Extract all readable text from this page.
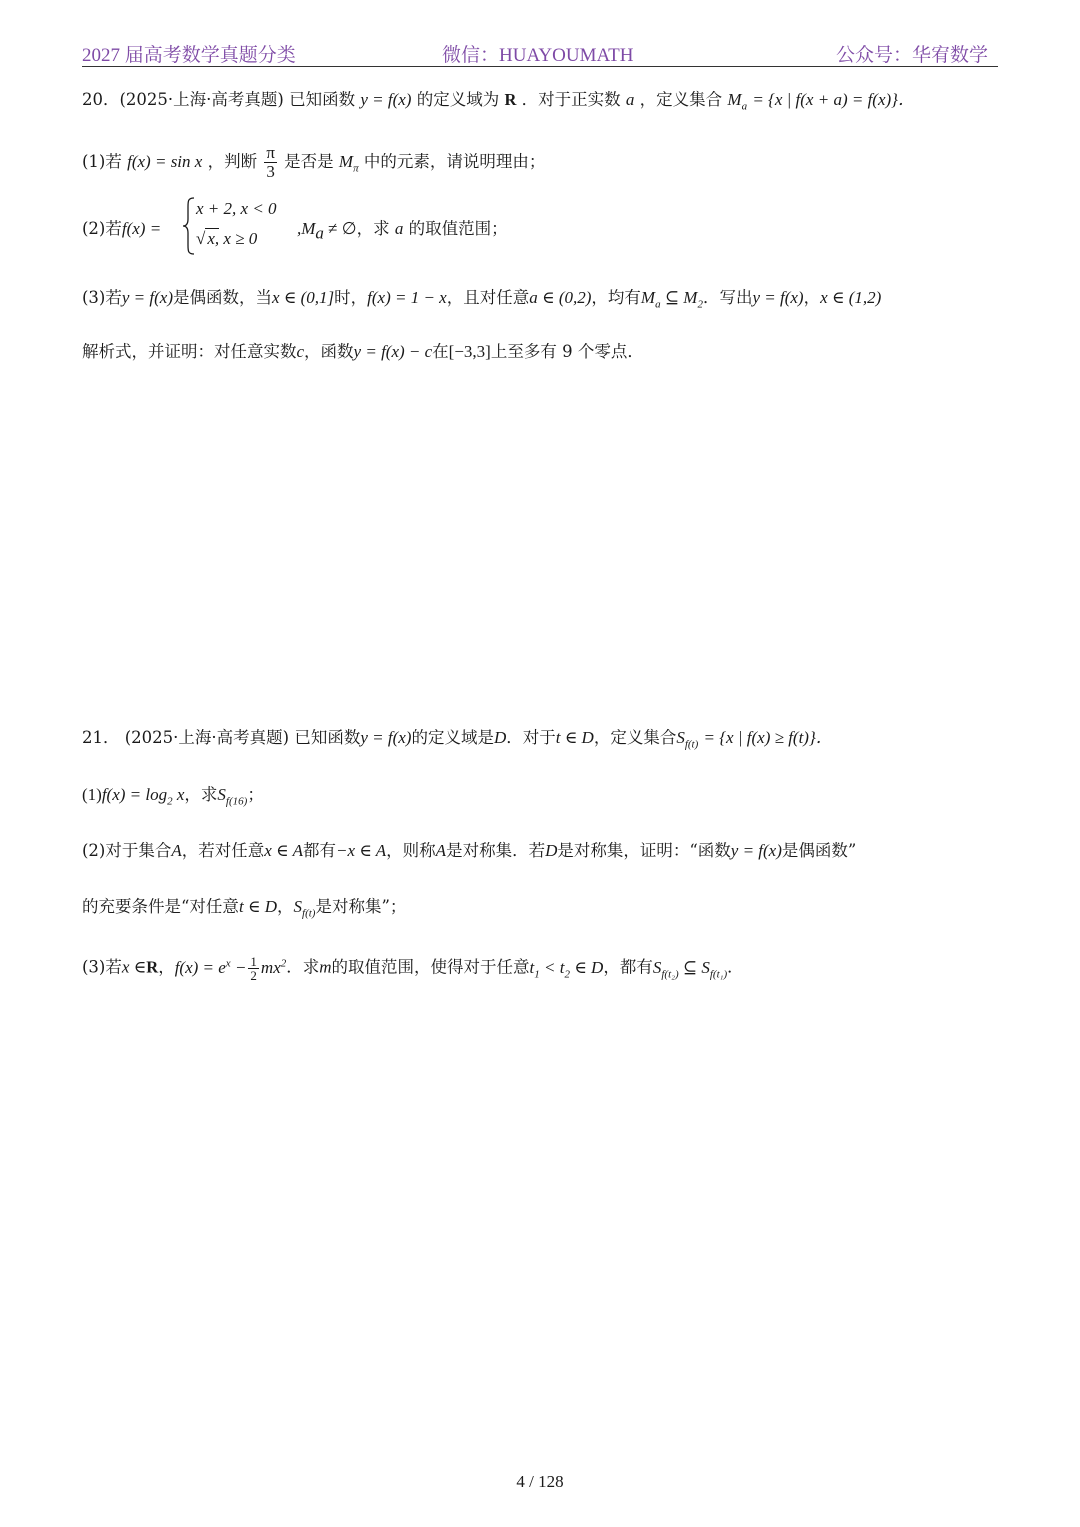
2027 届高考数学真题分类	微信：HUAYOUMATH	公众号：华宥数学
20．(2025·上海·高考真题) 已知函数 y = f(x) 的定义域为 R ．对于正实数 a ，定义集合 $M_a = \{x$ | f(x + a) = f(x)}．
(1)若 f(x) = sin x ，判断 $\frac{\pi}{3}$ 是否是 $M_\pi$ 中的元素，请说明理由；
(2)若f(x) =
x + 2, x < 0
√ x, x ≥ 0
$,M_a$ ≠ ∅，求 a 的取值范围；
(3)若y = f(x)是偶函数，当x ∈ (0,1]时，f(x) = 1 − x，且对任意a ∈ (0,2)，均有$M_a$ ⊆ $M_2$．写出y = f(x)，x ∈ (1,2)
解析式，并证明：对任意实数c，函数y = f(x) − c在[−3,3]上至多有 9 个零点．
21． (2025·上海·高考真题) 已知函数y = f(x)的定义域是D．对于t ∈ D，定义集合$S_{f(t)} = \{x$ | f(x) ≥ f(t)}．
$(1)f(x) = \log_2 x$，求$S_{f(16)}$；
(2)对于集合A，若对任意x ∈ A都有−x ∈ A，则称A是对称集．若D是对称集，证明：“函数y = f(x)是偶函数”
的充要条件是“对任意t ∈ D，$S_{f(t)}$是对称集”；
(3)若x ∈R，$f(x) = e^x - \frac{1}{2} mx^2$．求m的取值范围，使得对于任意$t_1 < t_2$ ∈ D，都有$S_{f(t_2)}$ ⊆ $S_{f(t_1)}$．
4 / 128
